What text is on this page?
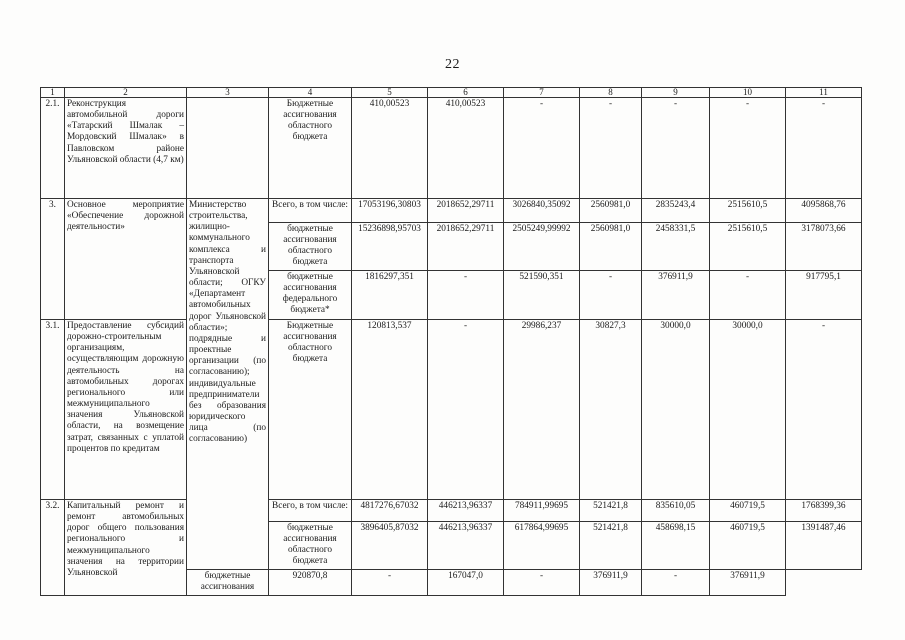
22
1	2	3	4	5	6	7	8	9	10	11
2.1.	Реконструкция автомобильной дороги «Татарский Шмалак – Мордовский Шмалак» в Павловском районе Ульяновской области (4,7 км)		Бюджетные ассигнования областного бюджета	410,00523	410,00523	-	-	-	-	-
3.	Основное мероприятие «Обеспечение дорожной деятельности»	Министерство строительства, жилищно-коммунального комплекса и транспорта Ульяновской области; ОГКУ «Департамент автомобильных дорог Ульяновской области»; подрядные и проектные организации (по согласованию); индивидуальные предприниматели без образования юридического лица (по согласованию)	Всего, в том числе:	17053196,30803	2018652,29711	3026840,35092	2560981,0	2835243,4	2515610,5	4095868,76
			бюджетные ассигнования областного бюджета	15236898,95703	2018652,29711	2505249,99992	2560981,0	2458331,5	2515610,5	3178073,66
			бюджетные ассигнования федерального бюджета*	1816297,351	-	521590,351	-	376911,9	-	917795,1
3.1.	Предоставление субсидий дорожно-строительным организациям, осуществляющим дорожную деятельность на автомобильных дорогах регионального или межмуниципального значения Ульяновской области, на возмещение затрат, связанных с уплатой процентов по кредитам		Бюджетные ассигнования областного бюджета	120813,537	-	29986,237	30827,3	30000,0	30000,0	-
3.2.	Капитальный ремонт и ремонт автомобильных дорог общего пользования регионального и межмуниципального значения на территории Ульяновской		Всего, в том числе:	4817276,67032	446213,96337	784911,99695	521421,8	835610,05	460719,5	1768399,36
			бюджетные ассигнования областного бюджета	3896405,87032	446213,96337	617864,99695	521421,8	458698,15	460719,5	1391487,46
		бюджетные ассигнования	920870,8	-	167047,0	-	376911,9	-	376911,9	
